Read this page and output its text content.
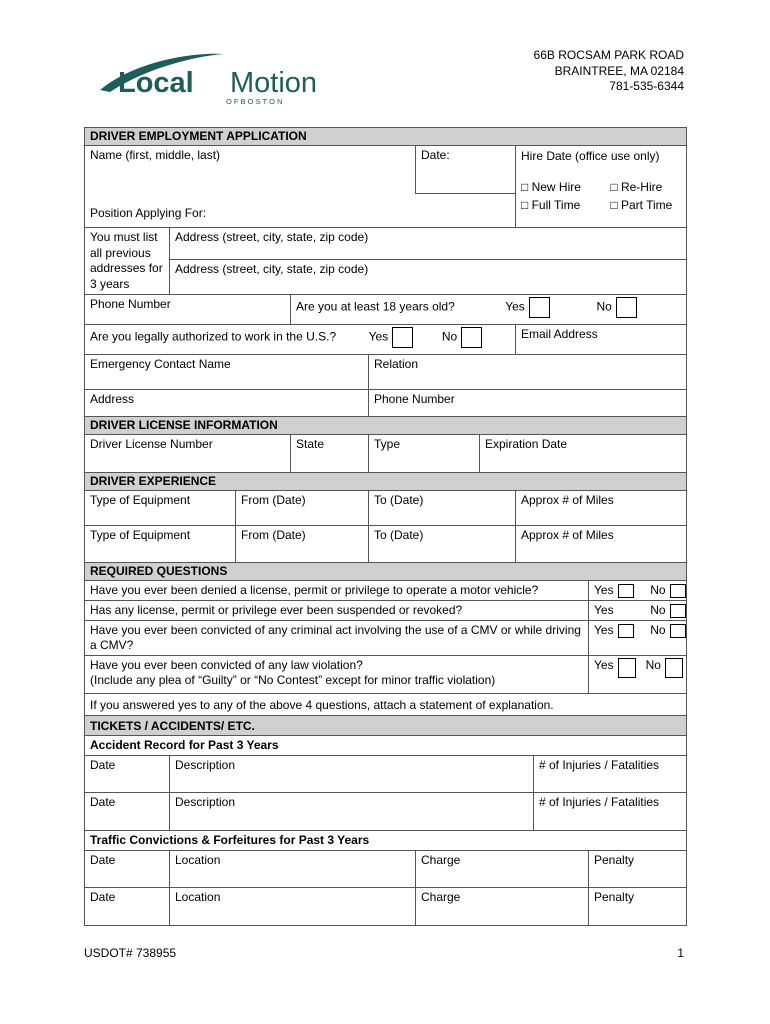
Local Motion
O F B O S T O N
66B ROCSAM PARK ROAD
BRAINTREE, MA 02184
781-535-6344
DRIVER EMPLOYMENT APPLICATION									
Name (first, middle, last)					Date:		Hire Date (office use only)
□ New Hire □ Re-Hire
□ Full Time □ Part Time		

Position Applying For:									
You must list all previous addresses for 3 years	Address (street, city, state, zip code)								
	Address (street, city, state, zip code)								
Phone Number			Are you at least 18 years old? Yes No						
Are you legally authorized to work in the U.S.? Yes No							Email Address		
Emergency Contact Name				Relation					
Address				Phone Number					
DRIVER LICENSE INFORMATION									
Driver License Number			State	Type		Expiration Date			
DRIVER EXPERIENCE									
Type of Equipment		From (Date)		To (Date)			Approx # of Miles		
Type of Equipment		From (Date)		To (Date)			Approx # of Miles		
REQUIRED QUESTIONS									
Have you ever been denied a license, permit or privilege to operate a motor vehicle?									Yes No
Has any license, permit or privilege ever been suspended or revoked?									Yes No
Have you ever been convicted of any criminal act involving the use of a CMV or while driving a CMV?									Yes No

Have you ever been convicted of any law violation?
(Include any plea of “Guilty” or “No Contest” except for minor traffic violation)									Yes No
If you answered yes to any of the above 4 questions, attach a statement of explanation.									
TICKETS / ACCIDENTS/ ETC.									
Accident Record for Past 3 Years									
Date	Description							# of Injuries / Fatalities	
Date	Description							# of Injuries / Fatalities	
Traffic Convictions & Forfeitures for Past 3 Years									
Date	Location				Charge				Penalty
Date	Location				Charge				Penalty
USDOT# 738955	1
